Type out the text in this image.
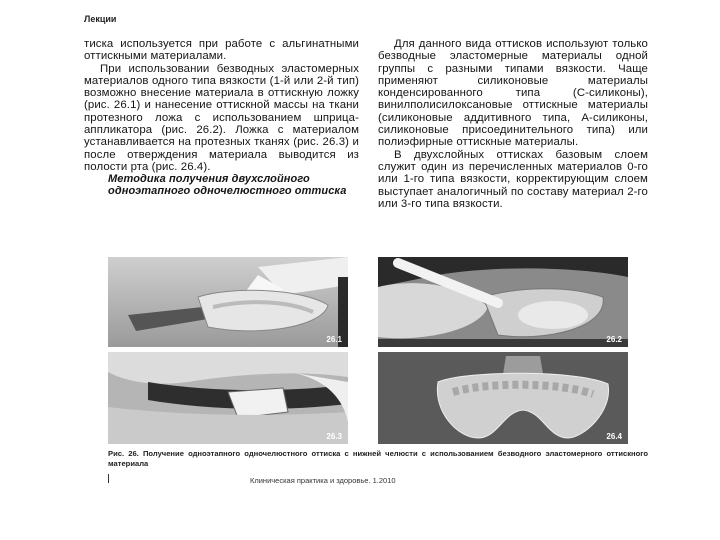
Лекции

тиска используется при работе с альгинатными оттискными материалами.

При использовании безводных эластомерных материалов одного типа вязкости (1-й или 2-й тип) возможно внесение материала в оттискную ложку (рис. 26.1) и нанесение оттискной массы на ткани протезного ложа с использованием шприца-аппликатора (рис. 26.2). Ложка с материалом устанавливается на протезных тканях (рис. 26.3) и после отверждения материала выводится из полости рта (рис. 26.4).

Методика получения двухслойного одноэтапного одночелюстного оттиска

Для данного вида оттисков используют только безводные эластомерные материалы одной группы с разными типами вязкости. Чаще применяют силиконовые материалы конденсированного типа (С-силиконы), винилполисилоксановые оттискные материалы (силиконовые аддитивного типа, А-силиконы, силиконовые присоединительного типа) или полиэфирные оттискные материалы.

В двухслойных оттисках базовым слоем служит один из перечисленных материалов 0-го или 1-го типа вязкости, корректирующим слоем выступает аналогичный по составу материал 2-го или 3-го типа вязкости.

26.1	26.2
26.3	26.4
Рис. 26. Получение одноэтапного одночелюстного оттиска с нижней челюсти с использованием безводного эластомерного оттискного материала
Клиническая практика и здоровье. 1.2010
